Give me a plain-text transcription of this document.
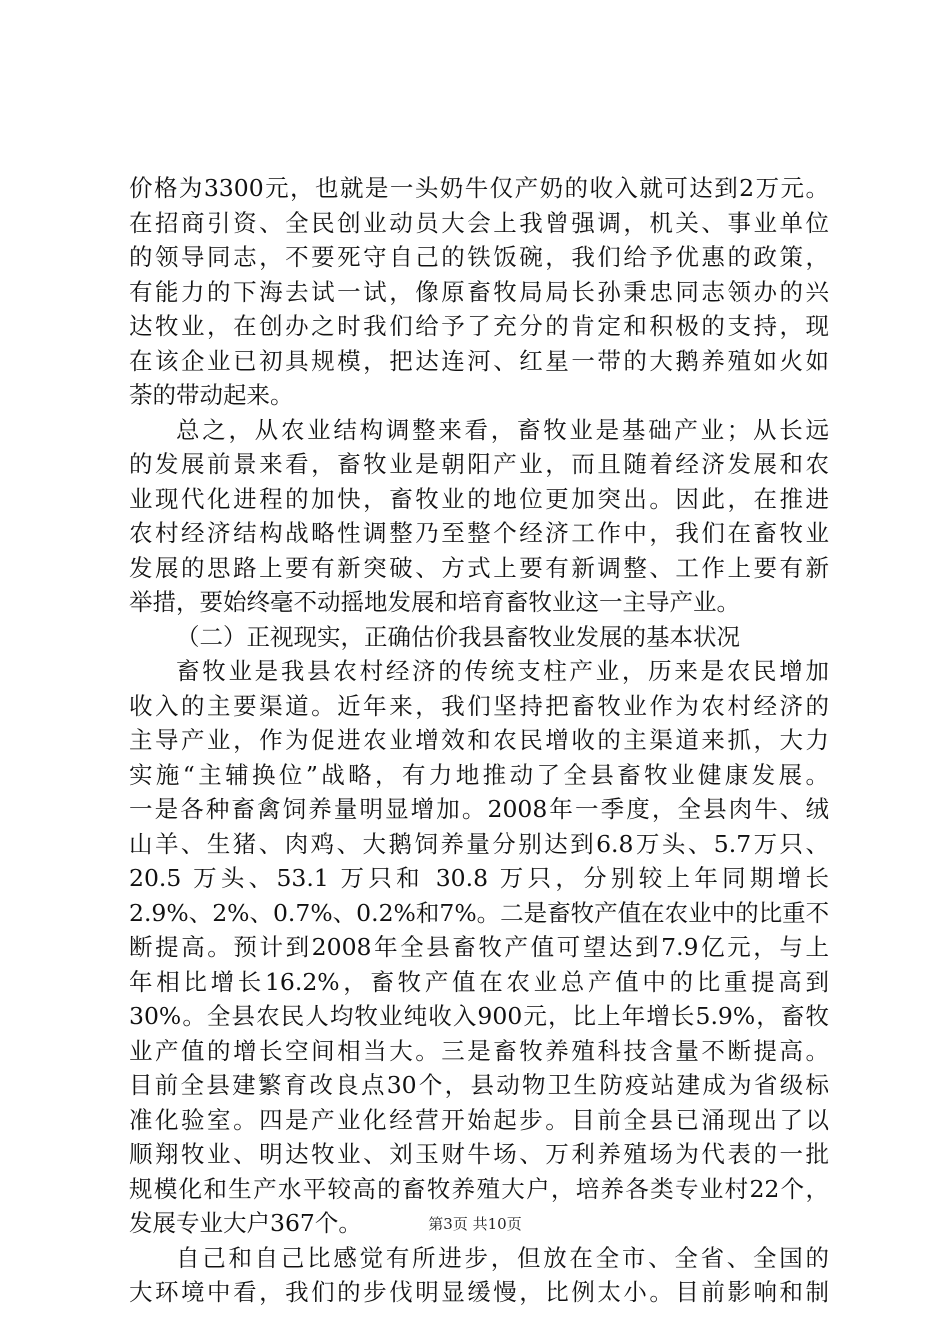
价格为3300元，也就是一头奶牛仅产奶的收入就可达到2万元。
在招商引资、全民创业动员大会上我曾强调，机关、事业单位
的领导同志，不要死守自己的铁饭碗，我们给予优惠的政策，
有能力的下海去试一试，像原畜牧局局长孙秉忠同志领办的兴
达牧业，在创办之时我们给予了充分的肯定和积极的支持，现
在该企业已初具规模，把达连河、红星一带的大鹅养殖如火如
荼的带动起来。
总之，从农业结构调整来看，畜牧业是基础产业；从长远
的发展前景来看，畜牧业是朝阳产业，而且随着经济发展和农
业现代化进程的加快，畜牧业的地位更加突出。因此，在推进
农村经济结构战略性调整乃至整个经济工作中，我们在畜牧业
发展的思路上要有新突破、方式上要有新调整、工作上要有新
举措，要始终毫不动摇地发展和培育畜牧业这一主导产业。
（二）正视现实，正确估价我县畜牧业发展的基本状况
畜牧业是我县农村经济的传统支柱产业，历来是农民增加
收入的主要渠道。近年来，我们坚持把畜牧业作为农村经济的
主导产业，作为促进农业增效和农民增收的主渠道来抓，大力
实施“主辅换位”战略，有力地推动了全县畜牧业健康发展。
一是各种畜禽饲养量明显增加。2008年一季度，全县肉牛、绒
山羊、生猪、肉鸡、大鹅饲养量分别达到6.8万头、5.7万只、
20.5 万头、53.1 万只和 30.8 万只，分别较上年同期增长
2.9%、2%、0.7%、0.2%和7%。二是畜牧产值在农业中的比重不
断提高。预计到2008年全县畜牧产值可望达到7.9亿元，与上
年相比增长16.2%，畜牧产值在农业总产值中的比重提高到
30%。全县农民人均牧业纯收入900元，比上年增长5.9%，畜牧
业产值的增长空间相当大。三是畜牧养殖科技含量不断提高。
目前全县建繁育改良点30个，县动物卫生防疫站建成为省级标
准化验室。四是产业化经营开始起步。目前全县已涌现出了以
顺翔牧业、明达牧业、刘玉财牛场、万利养殖场为代表的一批
规模化和生产水平较高的畜牧养殖大户，培养各类专业村22个，
发展专业大户367个。
自己和自己比感觉有所进步，但放在全市、全省、全国的
大环境中看，我们的步伐明显缓慢，比例太小。目前影响和制
第3页 共10页
